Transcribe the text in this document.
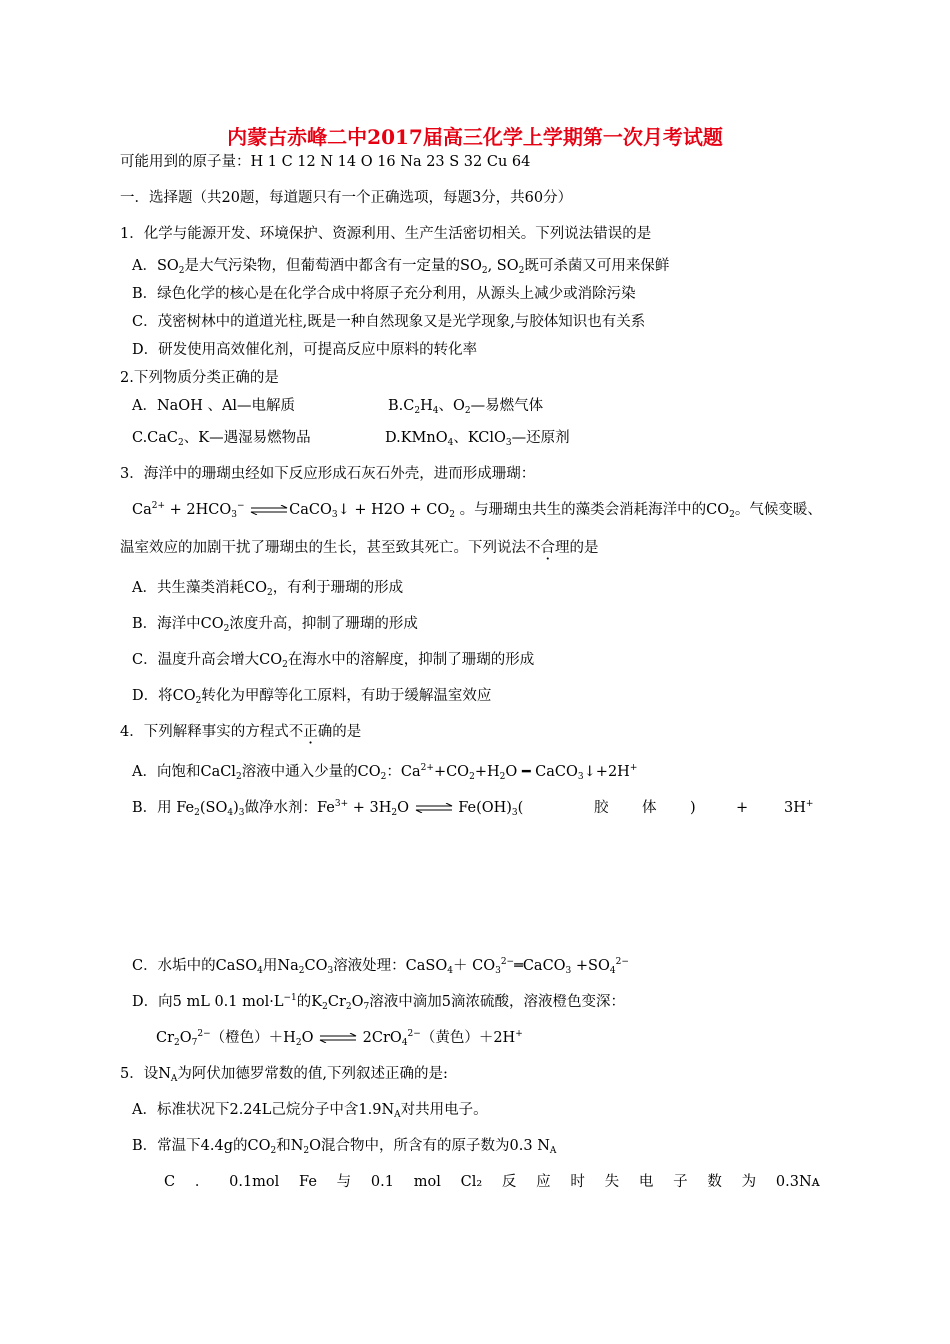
内蒙古赤峰二中2017届高三化学上学期第一次月考试题
可能用到的原子量：H 1 C 12 N 14 O 16 Na 23 S 32 Cu 64
一．选择题（共20题，每道题只有一个正确选项，每题3分，共60分）
1．化学与能源开发、环境保护、资源利用、生产生活密切相关。下列说法错误的是
A．$SO_2$是大气污染物，但葡萄酒中都含有一定量的$SO_2$, $SO_2$既可杀菌又可用来保鲜
B．绿色化学的核心是在化学合成中将原子充分利用，从源头上减少或消除污染
C．茂密树林中的道道光柱,既是一种自然现象又是光学现象,与胶体知识也有关系
D．研发使用高效催化剂，可提高反应中原料的转化率
2.下列物质分类正确的是
A．NaOH 、Al—电解质	$B.C_2H_4$、$O_2—$易燃气体
C.CaC$_2$、K—遇湿易燃物品	D.KMnO$_4$、KClO$_3$—还原剂
3．海洋中的珊瑚虫经如下反应形成石灰石外壳，进而形成珊瑚：
$Ca^{2+} + 2HCO_3^-$ ⇌CaCO$_3$↓ + $H2O + CO_2$ 。与珊瑚虫共生的藻类会消耗海洋中的$CO_2$。气候变暖、
温室效应的加剧干扰了珊瑚虫的生长，甚至致其死亡。下列说法不合理的是
A．共生藻类消耗$CO_2$，有利于珊瑚的形成
B．海洋中$CO_2$浓度升高，抑制了珊瑚的形成
C．温度升高会增大$CO_2$在海水中的溶解度，抑制了珊瑚的形成
D．将$CO_2$转化为甲醇等化工原料，有助于缓解温室效应
4．下列解释事实的方程式不正确的是
A．向饱和CaCl$_2$溶液中通入少量的$CO_2$：$Ca^{2+}+CO_2+H_2O$ ━ CaCO$_3$↓+2H+
B．用 $Fe_2(SO_4)_3$做净水剂：$Fe^{3+} + 3H_2O$ ⇌ $Fe(OH)_3$(	胶 体 )	+ 3H+
C．水垢中的CaSO$_4$用$Na_2CO_3$溶液处理：CaSO$_4$＋ $CO_3^{2-}═CaCO_3 +SO_4^{2-}$
D．向5 mL 0.1 $mol\cdot L^{-1}$的$K_2Cr_2O_7$溶液中滴加5滴浓硫酸，溶液橙色变深：
$Cr_2O_7^{2-}$（橙色）$+H_2O$ ⇌ 2CrO$_4^{2-}$（黄色）＋2H+
5．设$N_A$为阿伏加德罗常数的值,下列叙述正确的是:
A．标准状况下2.24L己烷分子中含$1.9N_A$对共用电子。
B．常温下4.4g的$CO_2$和$N_2O$混合物中，所含有的原子数为0.3 $N_A$
C ． 0.1mol Fe 与 0.1 mol Cl₂ 反 应 时 失 电 子 数 为 0.3Nᴀ
